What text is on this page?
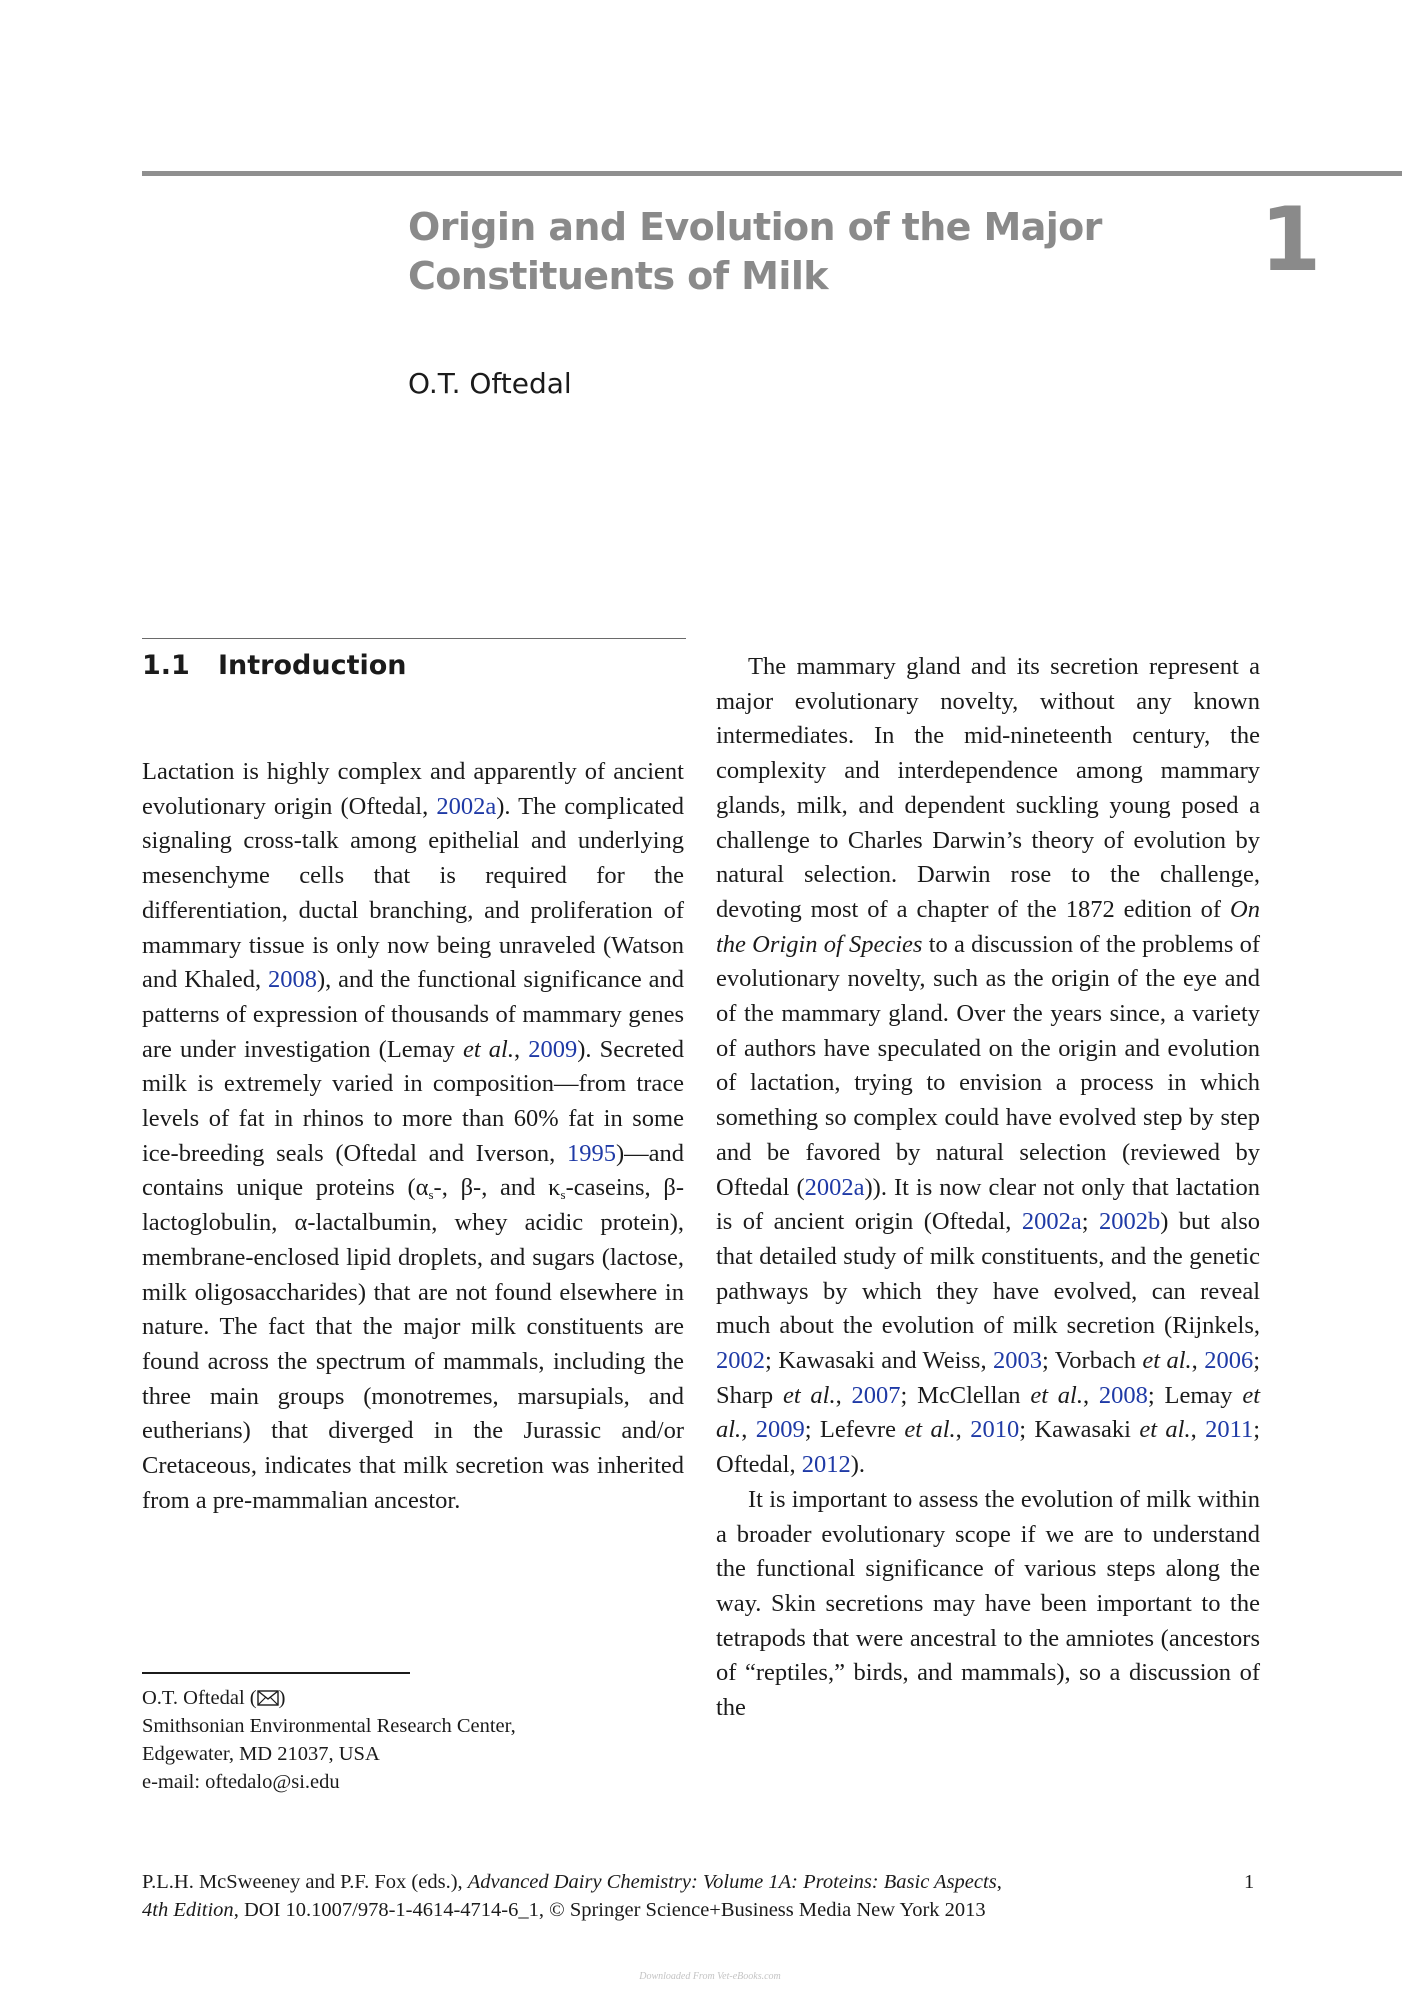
Origin and Evolution of the Major
Constituents of Milk	1
O.T. Oftedal
1.1 Introduction

Lactation is highly complex and apparently of ancient evolutionary origin (Oftedal, 2002a). The complicated signaling cross-talk among epithelial and underlying mesenchyme cells that is required for the differentiation, ductal branching, and proliferation of mammary tissue is only now being unraveled (Watson and Khaled, 2008), and the functional significance and patterns of expression of thousands of mammary genes are under investigation (Lemay et al., 2009). Secreted milk is extremely varied in composition—from trace levels of fat in rhinos to more than 60% fat in some ice-breeding seals (Oftedal and Iverson, 1995)—and contains unique proteins ($\alpha_s-$, β-, and $\kappa_s$-caseins, β-lactoglobulin, α-lactalbumin, whey acidic protein), membrane-enclosed lipid droplets, and sugars (lactose, milk oligosaccharides) that are not found elsewhere in nature. The fact that the major milk constituents are found across the spectrum of mammals, including the three main groups (monotremes, marsupials, and eutherians) that diverged in the Jurassic and/or Cretaceous, indicates that milk secretion was inherited from a pre-mammalian ancestor.

The mammary gland and its secretion represent a major evolutionary novelty, without any known intermediates. In the mid-nineteenth century, the complexity and interdependence among mammary glands, milk, and dependent suckling young posed a challenge to Charles Darwin’s theory of evolution by natural selection. Darwin rose to the challenge, devoting most of a chapter of the 1872 edition of On the Origin of Species to a discussion of the problems of evolutionary novelty, such as the origin of the eye and of the mammary gland. Over the years since, a variety of authors have speculated on the origin and evolution of lactation, trying to envision a process in which something so complex could have evolved step by step and be favored by natural selection (reviewed by Oftedal (2002a)). It is now clear not only that lactation is of ancient origin (Oftedal, 2002a; 2002b) but also that detailed study of milk constituents, and the genetic pathways by which they have evolved, can reveal much about the evolution of milk secretion (Rijnkels, 2002; Kawasaki and Weiss, 2003; Vorbach et al., 2006; Sharp et al., 2007; McClellan et al., 2008; Lemay et al., 2009; Lefevre et al., 2010; Kawasaki et al., 2011; Oftedal, 2012).

It is important to assess the evolution of milk within a broader evolutionary scope if we are to understand the functional significance of various steps along the way. Skin secretions may have been important to the tetrapods that were ancestral to the amniotes (ancestors of “reptiles,” birds, and mammals), so a discussion of the

O.T. Oftedal ( )
Smithsonian Environmental Research Center,
Edgewater, MD 21037, USA
e-mail: oftedalo@si.edu
P.L.H. McSweeney and P.F. Fox (eds.), Advanced Dairy Chemistry: Volume 1A: Proteins: Basic Aspects,
4th Edition, DOI 10.1007/978-1-4614-4714-6_1, © Springer Science+Business Media New York 2013
1
Downloaded From Vet-eBooks.com
